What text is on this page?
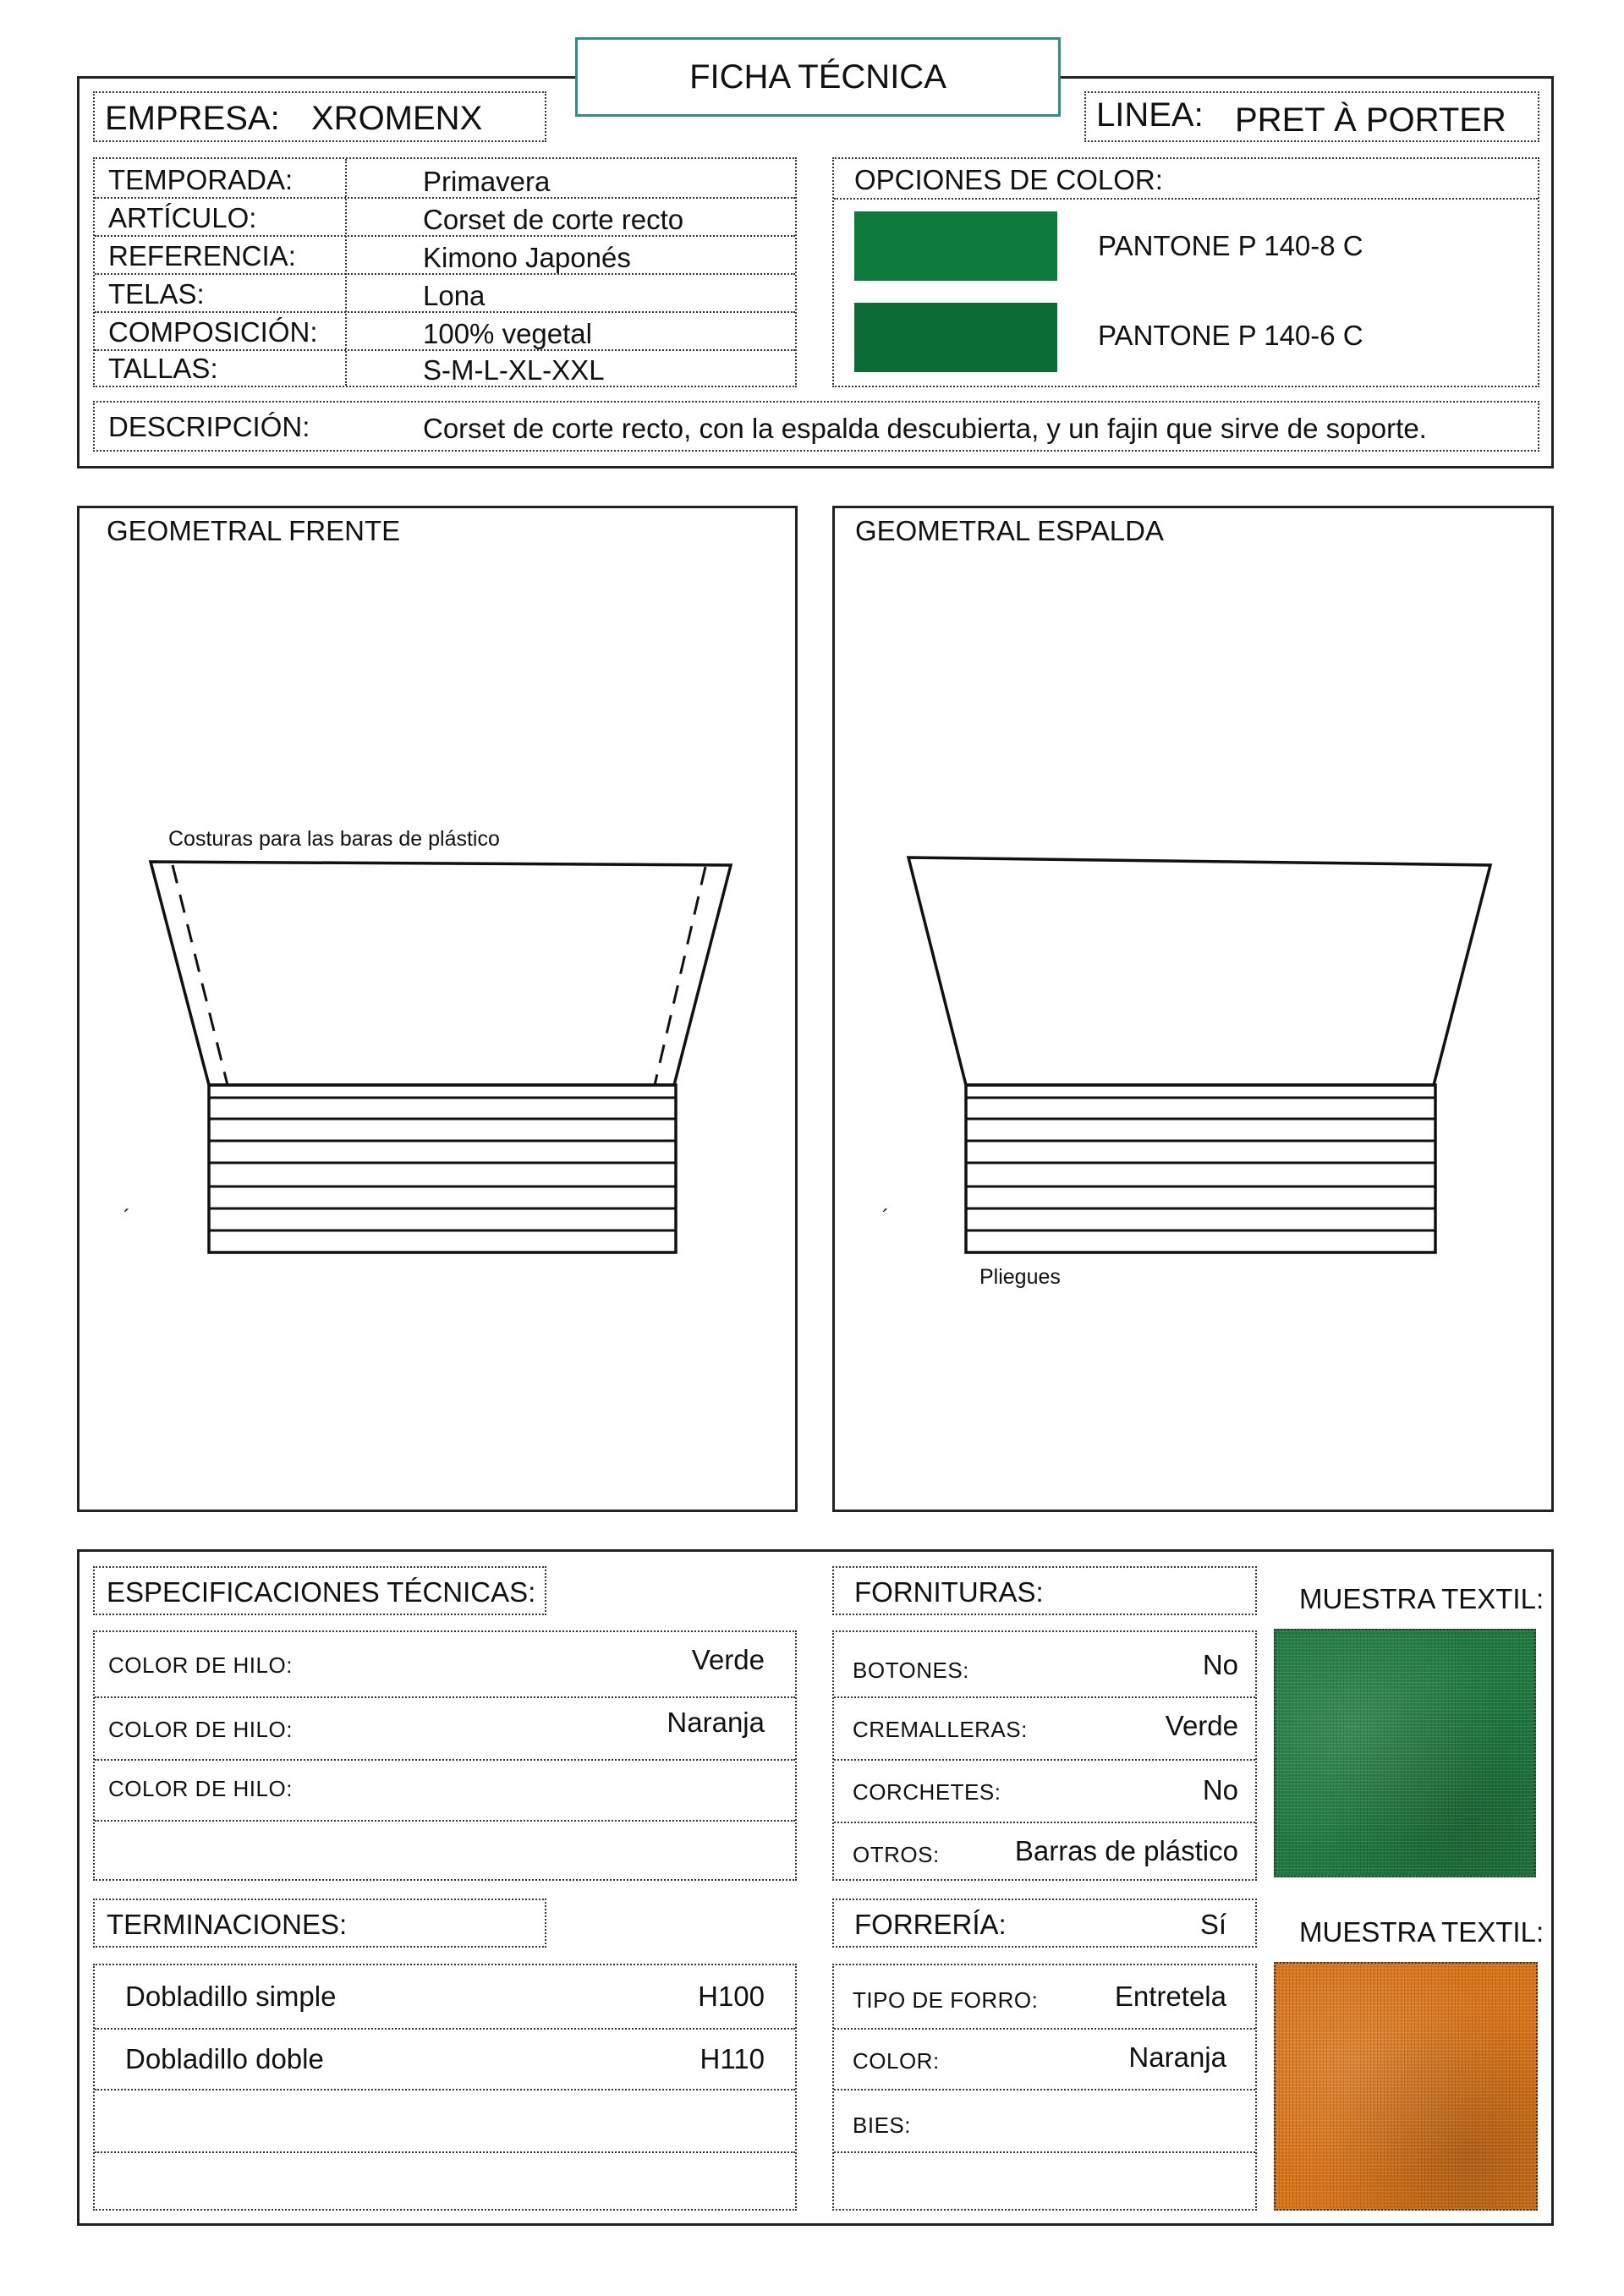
FICHA TÉCNICA
EMPRESA: XROMENX	LINEA: PRET À PORTER
TEMPORADA:	Primavera
ARTÍCULO:	Corset de corte recto
REFERENCIA:	Kimono Japonés
TELAS:	Lona
COMPOSICIÓN:	100% vegetal
TALLAS:	S-M-L-XL-XXL
OPCIONES DE COLOR:
PANTONE P 140-8 C
PANTONE P 140-6 C
DESCRIPCIÓN:	Corset de corte recto, con la espalda descubierta, y un fajin que sirve de soporte.
GEOMETRAL FRENTE
Costuras para las baras de plástico
´
GEOMETRAL ESPALDA
Pliegues
´
ESPECIFICACIONES TÉCNICAS:
COLOR DE HILO:	Verde
COLOR DE HILO:	Naranja
COLOR DE HILO:
TERMINACIONES:
Dobladillo simple	H100
Dobladillo doble	H110
FORNITURAS:
BOTONES:	No
CREMALLERAS:	Verde
CORCHETES:	No
OTROS:	Barras de plástico
FORRERÍA:	Sí
TIPO DE FORRO:	Entretela
COLOR:	Naranja
BIES:
MUESTRA TEXTIL:
MUESTRA TEXTIL:
